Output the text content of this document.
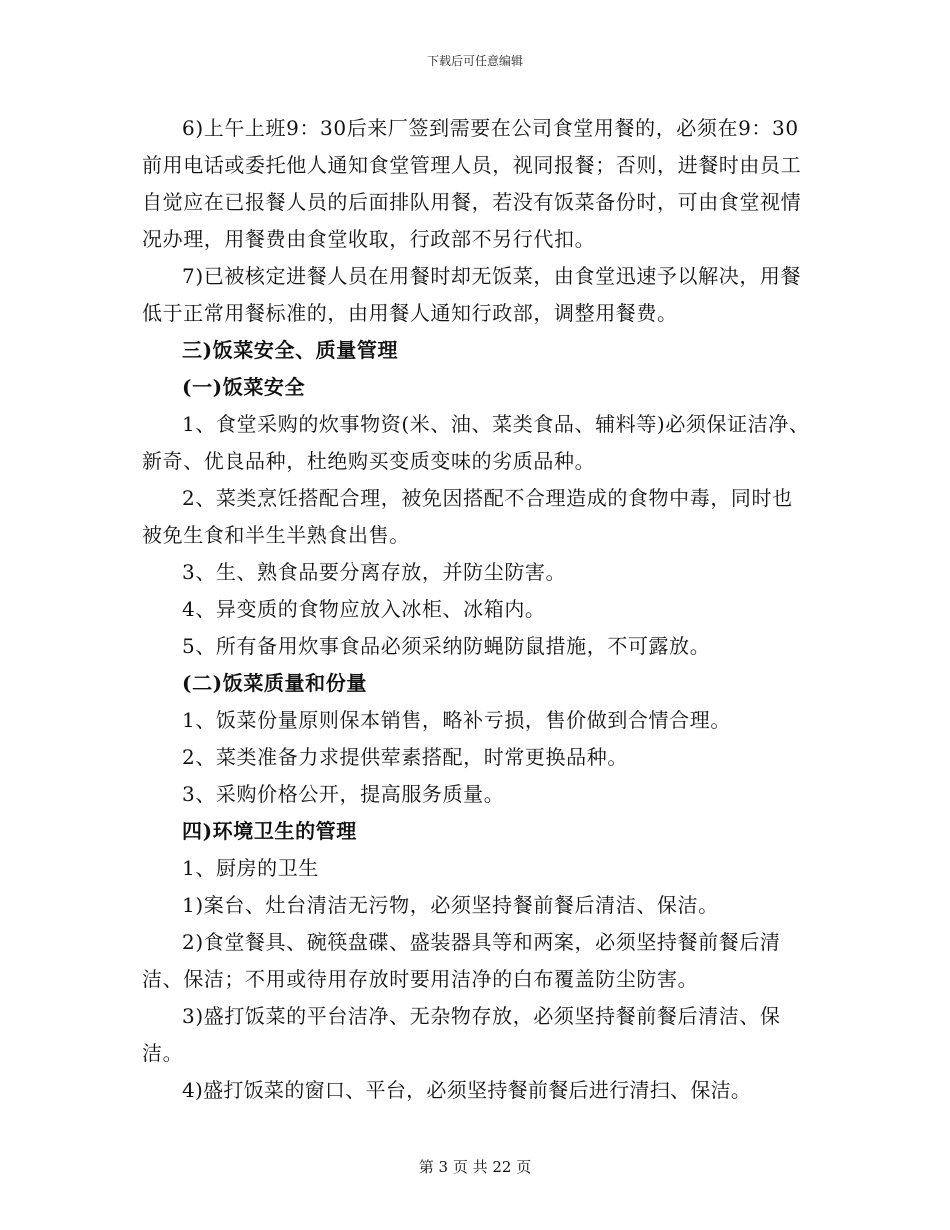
下载后可任意编辑

6)上午上班9：30后来厂签到需要在公司食堂用餐的，必须在9：30前用电话或委托他人通知食堂管理人员，视同报餐；否则，进餐时由员工自觉应在已报餐人员的后面排队用餐，若没有饭菜备份时，可由食堂视情况办理，用餐费由食堂收取，行政部不另行代扣。

7)已被核定进餐人员在用餐时却无饭菜，由食堂迅速予以解决，用餐低于正常用餐标准的，由用餐人通知行政部，调整用餐费。

三)饭菜安全、质量管理

(一)饭菜安全

1、食堂采购的炊事物资(米、油、菜类食品、辅料等)必须保证洁净、新奇、优良品种，杜绝购买变质变味的劣质品种。

2、菜类烹饪搭配合理，被免因搭配不合理造成的食物中毒，同时也被免生食和半生半熟食出售。

3、生、熟食品要分离存放，并防尘防害。

4、异变质的食物应放入冰柜、冰箱内。

5、所有备用炊事食品必须采纳防蝇防鼠措施，不可露放。

(二)饭菜质量和份量

1、饭菜份量原则保本销售，略补亏损，售价做到合情合理。

2、菜类准备力求提供荤素搭配，时常更换品种。

3、采购价格公开，提高服务质量。

四)环境卫生的管理

1、厨房的卫生

1)案台、灶台清洁无污物，必须坚持餐前餐后清洁、保洁。

2)食堂餐具、碗筷盘碟、盛装器具等和两案，必须坚持餐前餐后清洁、保洁；不用或待用存放时要用洁净的白布覆盖防尘防害。

3)盛打饭菜的平台洁净、无杂物存放，必须坚持餐前餐后清洁、保洁。

4)盛打饭菜的窗口、平台，必须坚持餐前餐后进行清扫、保洁。

第 3 页 共 22 页
